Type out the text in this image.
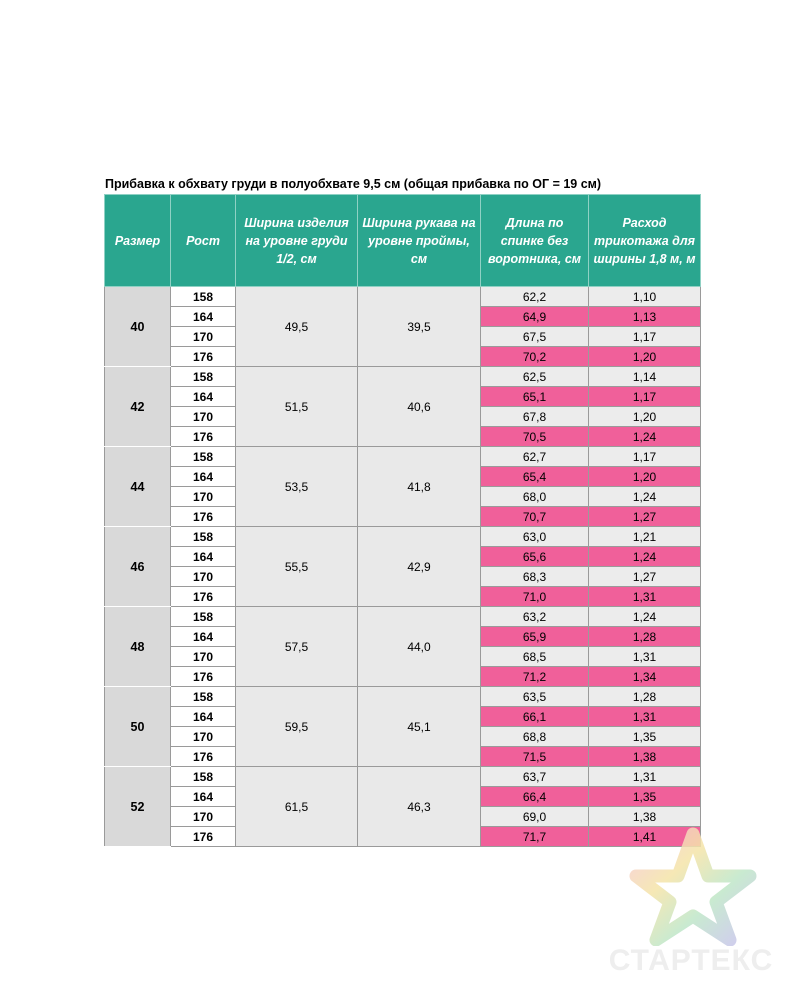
Прибавка к обхвату груди в полуобхвате 9,5 см (общая прибавка по ОГ = 19 см)
Размер	Рост	Ширина изделия на уровне груди 1/2, см	Ширина рукава на уровне проймы, см	Длина по спинке без воротника, см	Расход трикотажа для ширины 1,8 м, м
40	158	49,5	39,5	62,2	1,10
	164			64,9	1,13
	170			67,5	1,17
	176			70,2	1,20
42	158	51,5	40,6	62,5	1,14
	164			65,1	1,17
	170			67,8	1,20
	176			70,5	1,24
44	158	53,5	41,8	62,7	1,17
	164			65,4	1,20
	170			68,0	1,24
	176			70,7	1,27
46	158	55,5	42,9	63,0	1,21
	164			65,6	1,24
	170			68,3	1,27
	176			71,0	1,31
48	158	57,5	44,0	63,2	1,24
	164			65,9	1,28
	170			68,5	1,31
	176			71,2	1,34
50	158	59,5	45,1	63,5	1,28
	164			66,1	1,31
	170			68,8	1,35
	176			71,5	1,38
52	158	61,5	46,3	63,7	1,31
	164			66,4	1,35
	170			69,0	1,38
	176			71,7	1,41
СТАРТЕКС
